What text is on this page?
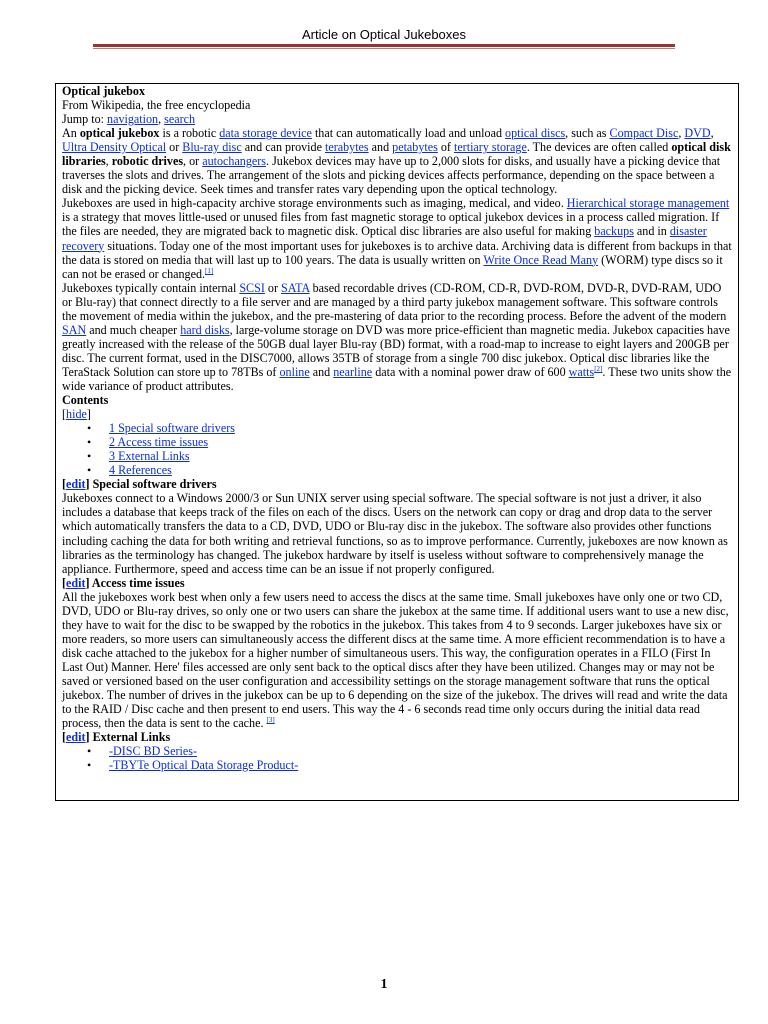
Article on Optical Jukeboxes
Optical jukebox
From Wikipedia, the free encyclopedia
Jump to: navigation, search

An optical jukebox is a robotic data storage device that can automatically load and unload optical discs, such as Compact Disc, DVD, Ultra Density Optical or Blu-ray disc and can provide terabytes and petabytes of tertiary storage. The devices are often called optical disk libraries, robotic drives, or autochangers. Jukebox devices may have up to 2,000 slots for disks, and usually have a picking device that traverses the slots and drives. The arrangement of the slots and picking devices affects performance, depending on the space between a disk and the picking device. Seek times and transfer rates vary depending upon the optical technology.

Jukeboxes are used in high-capacity archive storage environments such as imaging, medical, and video. Hierarchical storage management is a strategy that moves little-used or unused files from fast magnetic storage to optical jukebox devices in a process called migration. If the files are needed, they are migrated back to magnetic disk. Optical disc libraries are also useful for making backups and in disaster recovery situations. Today one of the most important uses for jukeboxes is to archive data. Archiving data is different from backups in that the data is stored on media that will last up to 100 years. The data is usually written on Write Once Read Many (WORM) type discs so it can not be erased or changed.[1]

Jukeboxes typically contain internal SCSI or SATA based recordable drives (CD-ROM, CD-R, DVD-ROM, DVD-R, DVD-RAM, UDO or Blu-ray) that connect directly to a file server and are managed by a third party jukebox management software. This software controls the movement of media within the jukebox, and the pre-mastering of data prior to the recording process. Before the advent of the modern SAN and much cheaper hard disks, large-volume storage on DVD was more price-efficient than magnetic media. Jukebox capacities have greatly increased with the release of the 50GB dual layer Blu-ray (BD) format, with a road-map to increase to eight layers and 200GB per disc. The current format, used in the DISC7000, allows 35TB of storage from a single 700 disc jukebox. Optical disc libraries like the TeraStack Solution can store up to 78TBs of online and nearline data with a nominal power draw of 600 watts[2]. These two units show the wide variance of product attributes.

Contents
[hide]
• 1 Special software drivers
• 2 Access time issues
• 3 External Links
• 4 References
[edit] Special software drivers

Jukeboxes connect to a Windows 2000/3 or Sun UNIX server using special software. The special software is not just a driver, it also includes a database that keeps track of the files on each of the discs. Users on the network can copy or drag and drop data to the server which automatically transfers the data to a CD, DVD, UDO or Blu-ray disc in the jukebox. The software also provides other functions including caching the data for both writing and retrieval functions, so as to improve performance. Currently, jukeboxes are now known as libraries as the terminology has changed. The jukebox hardware by itself is useless without software to comprehensively manage the appliance. Furthermore, speed and access time can be an issue if not properly configured.

[edit] Access time issues

All the jukeboxes work best when only a few users need to access the discs at the same time. Small jukeboxes have only one or two CD, DVD, UDO or Blu-ray drives, so only one or two users can share the jukebox at the same time. If additional users want to use a new disc, they have to wait for the disc to be swapped by the robotics in the jukebox. This takes from 4 to 9 seconds. Larger jukeboxes have six or more readers, so more users can simultaneously access the different discs at the same time. A more efficient recommendation is to have a disk cache attached to the jukebox for a higher number of simultaneous users. This way, the configuration operates in a FILO (First In Last Out) Manner. Here' files accessed are only sent back to the optical discs after they have been utilized. Changes may or may not be saved or versioned based on the user configuration and accessibility settings on the storage management software that runs the optical jukebox. The number of drives in the jukebox can be up to 6 depending on the size of the jukebox. The drives will read and write the data to the RAID / Disc cache and then present to end users. This way the 4 - 6 seconds read time only occurs during the initial data read process, then the data is sent to the cache. [3]

[edit] External Links
• -DISC BD Series-
• -TBYTe Optical Data Storage Product-
1
